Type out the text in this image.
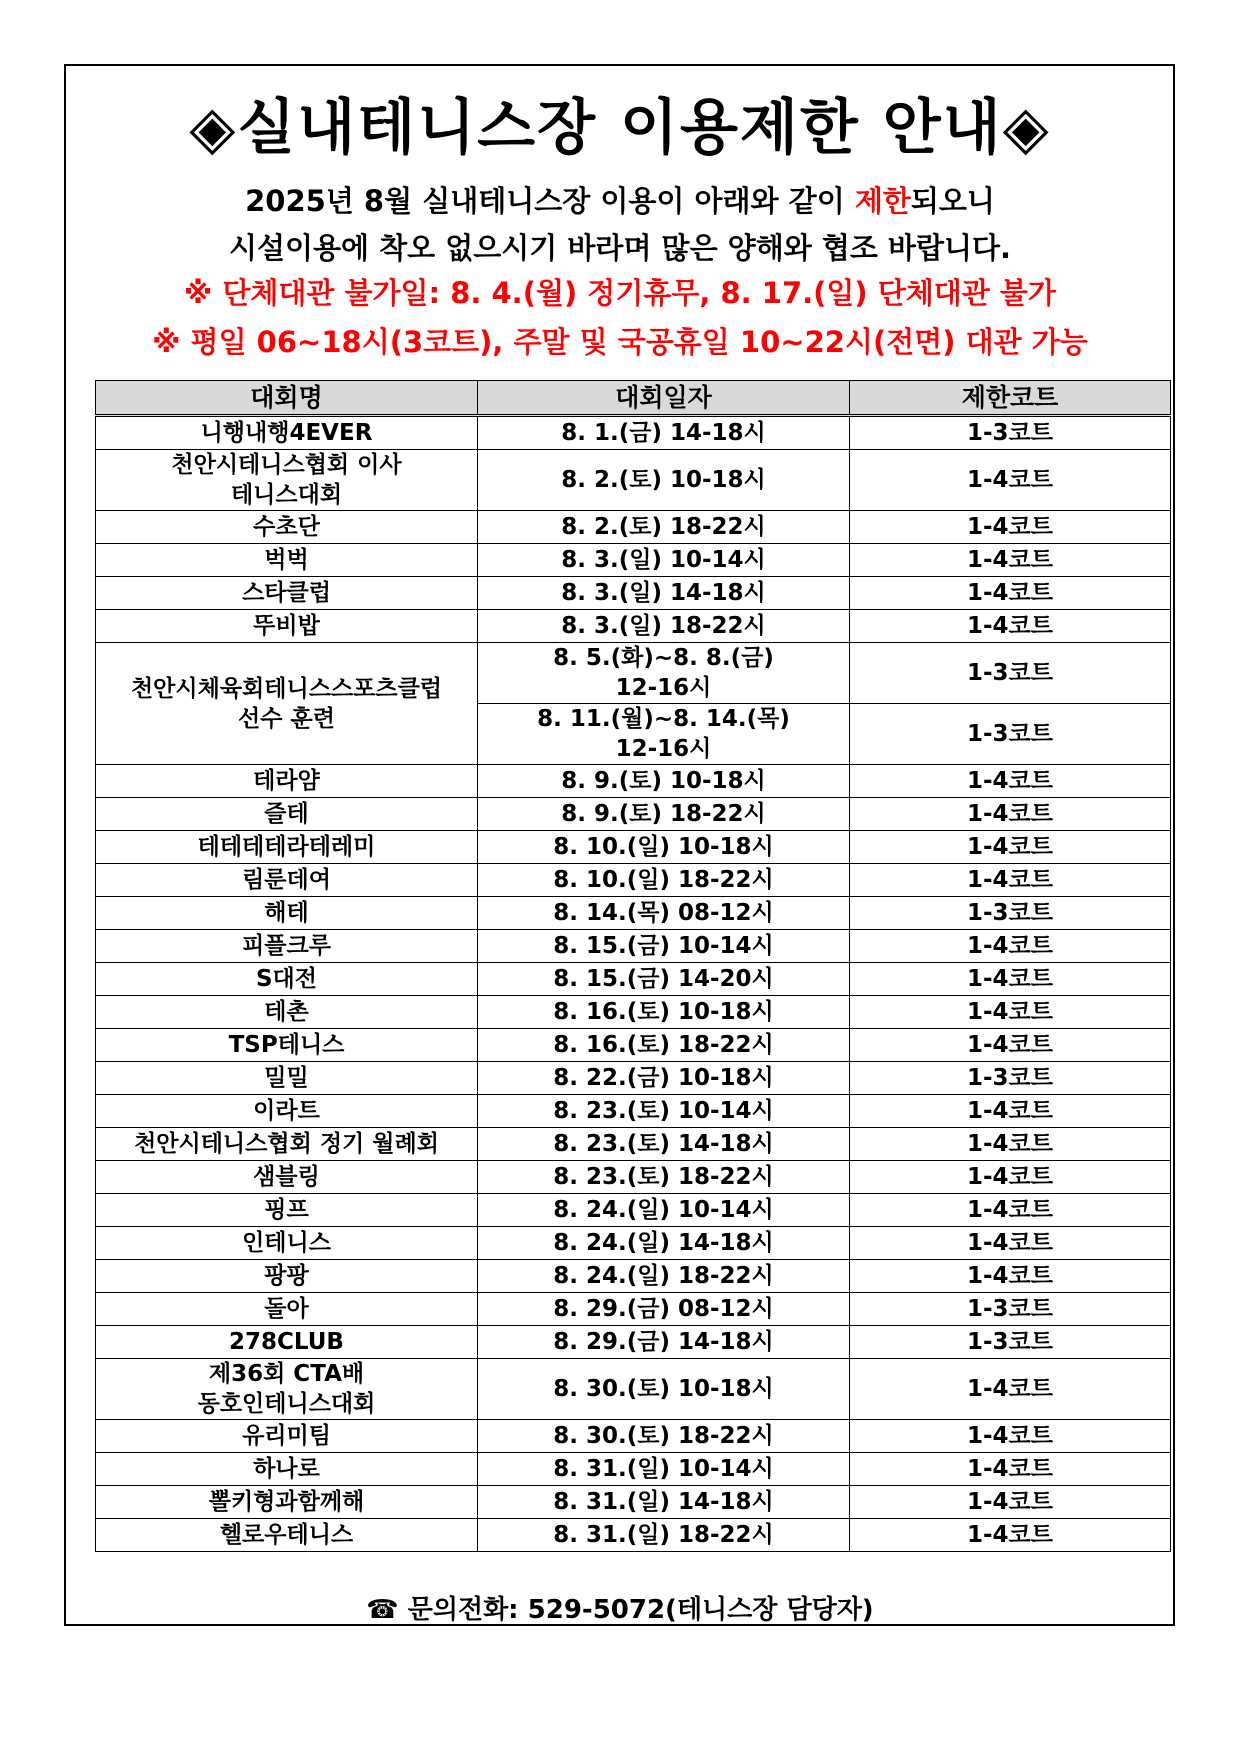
◈실내테니스장 이용제한 안내◈
2025년 8월 실내테니스장 이용이 아래와 같이 제한되오니
시설이용에 착오 없으시기 바라며 많은 양해와 협조 바랍니다.
※ 단체대관 불가일: 8. 4.(월) 정기휴무, 8. 17.(일) 단체대관 불가
※ 평일 06~18시(3코트), 주말 및 국공휴일 10~22시(전면) 대관 가능
대회명	대회일자	제한코트
니행내행4EVER	8. 1.(금) 14-18시	1-3코트
천안시테니스협회 이사
테니스대회	8. 2.(토) 10-18시	1-4코트
수초단	8. 2.(토) 18-22시	1-4코트
벅벅	8. 3.(일) 10-14시	1-4코트
스타클럽	8. 3.(일) 14-18시	1-4코트
뚜비밥	8. 3.(일) 18-22시	1-4코트
천안시체육회테니스스포츠클럽
선수 훈련	8. 5.(화)~8. 8.(금)
12-16시	1-3코트
	8. 11.(월)~8. 14.(목)
12-16시	1-3코트
테라얌	8. 9.(토) 10-18시	1-4코트
즐테	8. 9.(토) 18-22시	1-4코트
테테테테라테레미	8. 10.(일) 10-18시	1-4코트
림룬데여	8. 10.(일) 18-22시	1-4코트
해테	8. 14.(목) 08-12시	1-3코트
피플크루	8. 15.(금) 10-14시	1-4코트
S대전	8. 15.(금) 14-20시	1-4코트
테촌	8. 16.(토) 10-18시	1-4코트
TSP테니스	8. 16.(토) 18-22시	1-4코트
밀밀	8. 22.(금) 10-18시	1-3코트
이라트	8. 23.(토) 10-14시	1-4코트
천안시테니스협회 정기 월례회	8. 23.(토) 14-18시	1-4코트
샘블링	8. 23.(토) 18-22시	1-4코트
핑프	8. 24.(일) 10-14시	1-4코트
인테니스	8. 24.(일) 14-18시	1-4코트
팡팡	8. 24.(일) 18-22시	1-4코트
돌아	8. 29.(금) 08-12시	1-3코트
278CLUB	8. 29.(금) 14-18시	1-3코트
제36회 CTA배
동호인테니스대회	8. 30.(토) 10-18시	1-4코트
유리미팀	8. 30.(토) 18-22시	1-4코트
하나로	8. 31.(일) 10-14시	1-4코트
뽈키형과함께해	8. 31.(일) 14-18시	1-4코트
헬로우테니스	8. 31.(일) 18-22시	1-4코트
☎ 문의전화: 529-5072(테니스장 담당자)
